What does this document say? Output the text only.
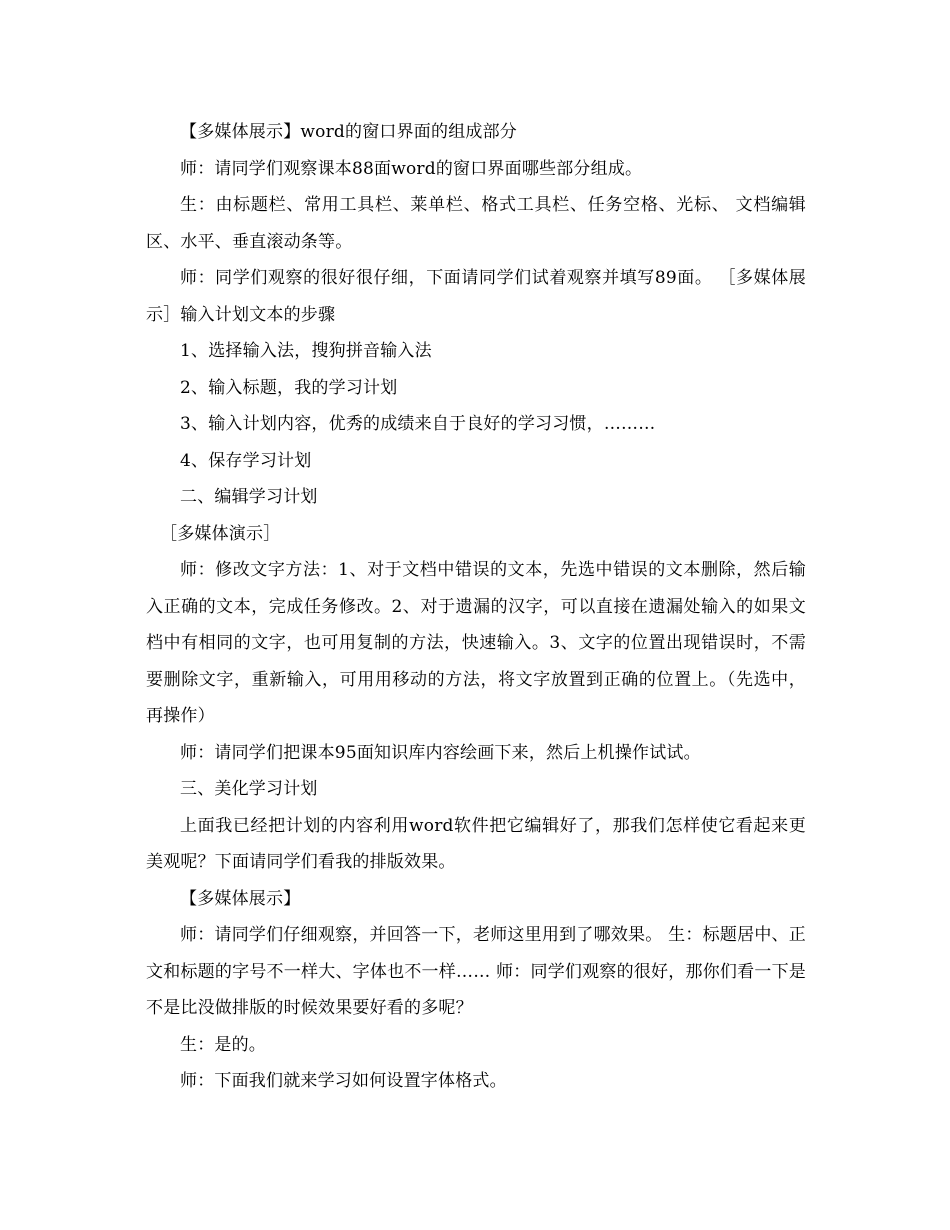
【多媒体展示】word的窗口界面的组成部分

师：请同学们观察课本88面word的窗口界面哪些部分组成。

生：由标题栏、常用工具栏、莱单栏、格式工具栏、任务空格、光标、 文档编辑区、水平、垂直滚动条等。

师：同学们观察的很好很仔细，下面请同学们试着观察并填写89面。 ［多媒体展示］输入计划文本的步骤

1、选择输入法，搜狗拼音输入法

2、输入标题，我的学习计划

3、输入计划内容，优秀的成绩来自于良好的学习习惯，………

4、保存学习计划

二、编辑学习计划

［多媒体演示］

师：修改文字方法：1、对于文档中错误的文本，先选中错误的文本删除，然后输入正确的文本，完成任务修改。2、对于遗漏的汉字，可以直接在遗漏处输入的如果文档中有相同的文字，也可用复制的方法，快速输入。3、文字的位置出现错误时，不需要删除文字，重新输入，可用用移动的方法，将文字放置到正确的位置上。（先选中，再操作）

师：请同学们把课本95面知识库内容绘画下来，然后上机操作试试。

三、美化学习计划

上面我已经把计划的内容利用word软件把它编辑好了，那我们怎样使它看起来更美观呢？下面请同学们看我的排版效果。

【多媒体展示】

师：请同学们仔细观察，并回答一下，老师这里用到了哪效果。 生：标题居中、正文和标题的字号不一样大、字体也不一样…… 师：同学们观察的很好，那你们看一下是不是比没做排版的时候效果要好看的多呢？

生：是的。

师：下面我们就来学习如何设置字体格式。
